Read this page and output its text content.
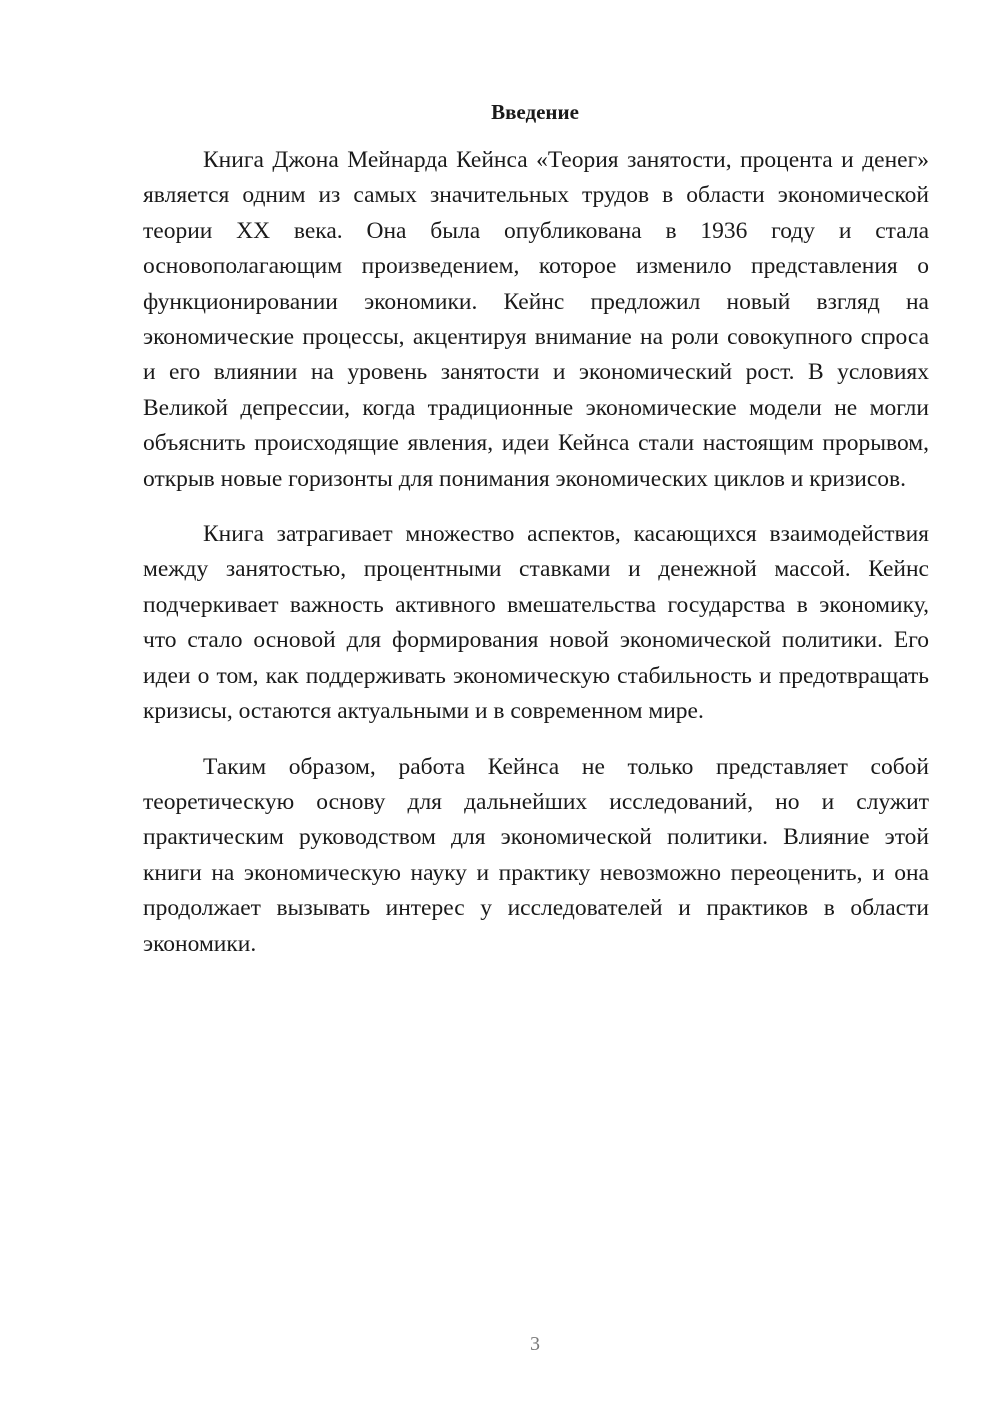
Введение

Книга Джона Мейнарда Кейнса «Теория занятости, процента и денег» является одним из самых значительных трудов в области экономической теории XX века. Она была опубликована в 1936 году и стала основополагающим произведением, которое изменило представления о функционировании экономики. Кейнс предложил новый взгляд на экономические процессы, акцентируя внимание на роли совокупного спроса и его влиянии на уровень занятости и экономический рост. В условиях Великой депрессии, когда традиционные экономические модели не могли объяснить происходящие явления, идеи Кейнса стали настоящим прорывом, открыв новые горизонты для понимания экономических циклов и кризисов.

Книга затрагивает множество аспектов, касающихся взаимодействия между занятостью, процентными ставками и денежной массой. Кейнс подчеркивает важность активного вмешательства государства в экономику, что стало основой для формирования новой экономической политики. Его идеи о том, как поддерживать экономическую стабильность и предотвращать кризисы, остаются актуальными и в современном мире.

Таким образом, работа Кейнса не только представляет собой теоретическую основу для дальнейших исследований, но и служит практическим руководством для экономической политики. Влияние этой книги на экономическую науку и практику невозможно переоценить, и она продолжает вызывать интерес у исследователей и практиков в области экономики.

3
